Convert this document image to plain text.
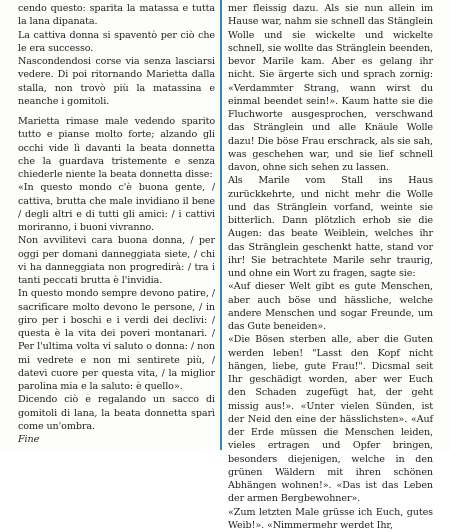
cendo questo: sparita la matassa e tutta la lana dipanata.

La cattiva donna si spaventò per ciò che le era successo.

Nascondendosi corse via senza lasciarsi vedere. Di poi ritornando Marietta dalla stalla, non trovò più la matassina e neanche i gomitoli.

Marietta rimase male vedendo sparito tutto e pianse molto forte; alzando gli occhi vide lì davanti la beata donnetta che la guardava tristemente e senza chiederle niente la beata donnetta disse:

«In questo mondo c'è buona gente, / cattiva, brutta che male invidiano il bene / degli altri e di tutti gli amici: / i cattivi moriranno, i buoni vivranno.

Non avvilitevi cara buona donna, / per oggi per domani danneggiata siete, / chi vi ha danneggiata non progredirà: / tra i tanti peccati brutta è l'invidia.

In questo mondo sempre devono patire, / sacrificare molto devono le persone, / in giro per i boschi e i verdi dei declivi: / questa è la vita dei poveri montanari. / Per l'ultima volta vi saluto o donna: / non mi vedrete e non mi sentirete più, / datevi cuore per questa vita, / la miglior parolina mia e la saluto: è quello».

Dicendo ciò e regalando un sacco di gomitoli di lana, la beata donnetta sparì come un'ombra.

Fine

mer fleissig dazu. Als sie nun allein im Hause war, nahm sie schnell das Stänglein Wolle und sie wickelte und wickelte schnell, sie wollte das Stränglein beenden, bevor Marile kam. Aber es gelang ihr nicht. Sie ärgerte sich und sprach zornig: «Verdammter Strang, wann wirst du einmal beendet sein!». Kaum hatte sie die Fluchworte ausgesprochen, verschwand das Stränglein und alle Knäule Wolle dazu! Die böse Frau erschrack, als sie sah, was geschehen war, und sie lief schnell davon, ohne sich sehen zu lassen.

Als Marile vom Stall ins Haus zurückkehrte, und nicht mehr die Wolle und das Stränglein vorfand, weinte sie bitterlich. Dann plötzlich erhob sie die Augen: das beate Weiblein, welches ihr das Stränglein geschenkt hatte, stand vor ihr! Sie betrachtete Marile sehr traurig, und ohne ein Wort zu fragen, sagte sie:

«Auf dieser Welt gibt es gute Menschen, aber auch böse und hässliche, welche andere Menschen und sogar Freunde, um das Gute beneiden».

«Die Bösen sterben alle, aber die Guten werden leben! "Lasst den Kopf nicht hängen, liebe, gute Frau!". Dicsmal seit Ihr geschädigt worden, aber wer Euch den Schaden zugefügt hat, der geht missig aus!». «Unter vielen Sünden, ist der Neid den eine der hässlichsten». «Auf der Erde müssen die Menschen leiden, vieles ertragen und Opfer bringen, besonders diejenigen, welche in den grünen Wäldern mit ihren schönen Abhängen wohnen!». «Das ist das Leben der armen Bergbewohner».

«Zum letzten Male grüsse ich Euch, gutes Weib!». «Nimmermehr werdet Ihr,
